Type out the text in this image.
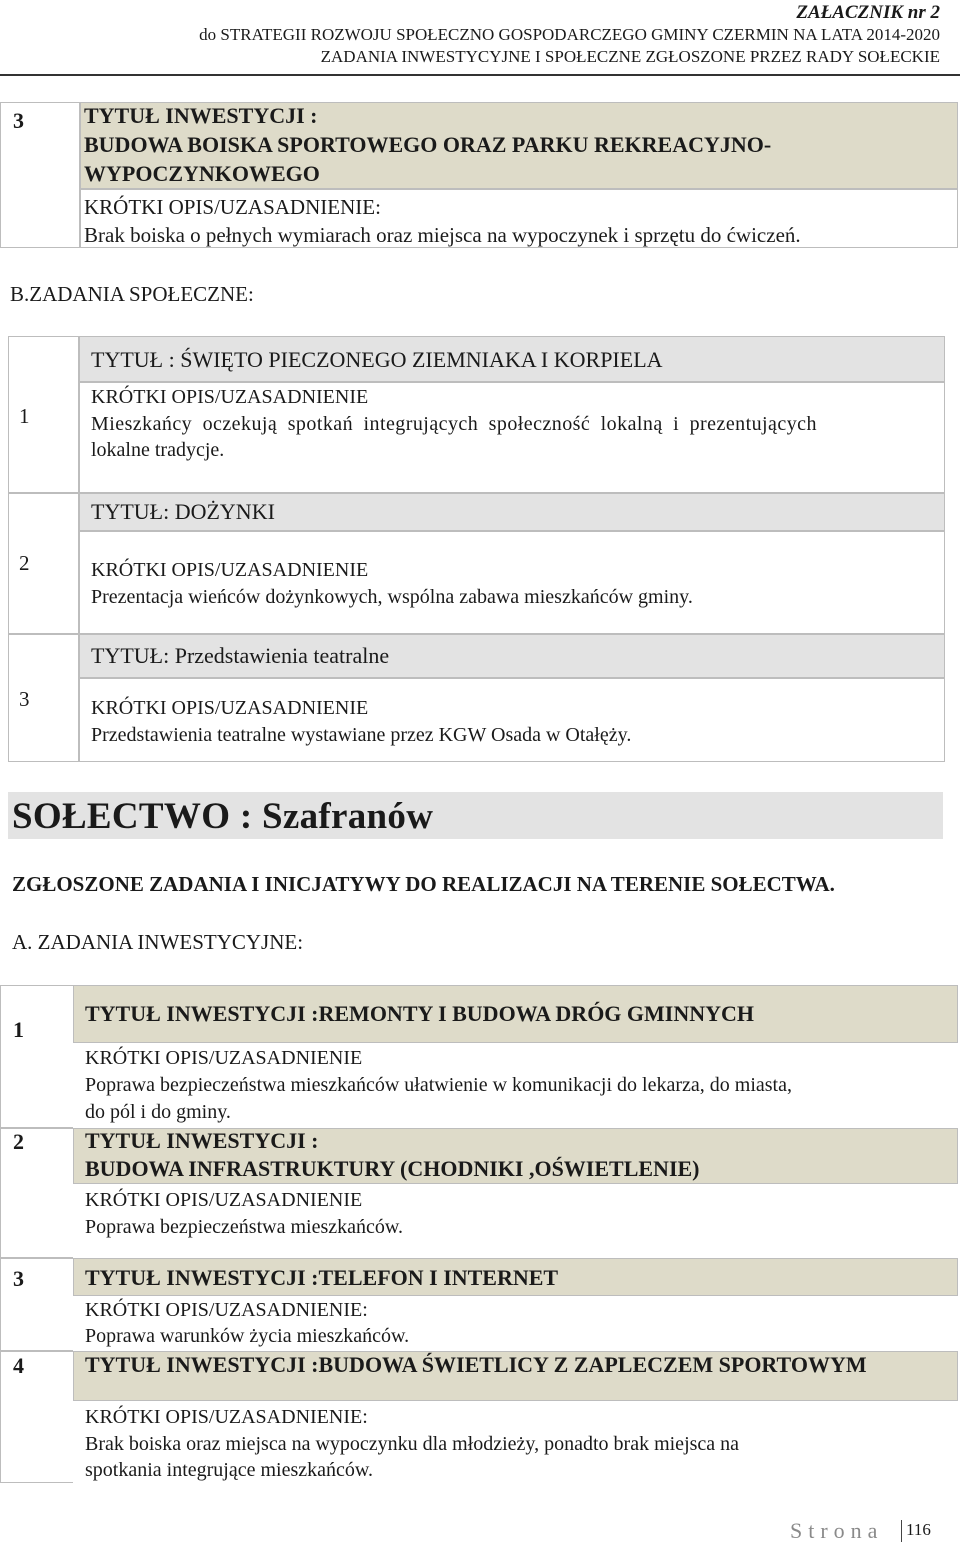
ZAŁACZNIK nr 2
do STRATEGII ROZWOJU SPOŁECZNO GOSPODARCZEGO GMINY CZERMIN NA LATA 2014-2020
ZADANIA INWESTYCYJNE I SPOŁECZNE ZGŁOSZONE PRZEZ RADY SOŁECKIE
3	TYTUŁ INWESTYCJI :
BUDOWA BOISKA SPORTOWEGO ORAZ PARKU REKREACYJNO-
WYPOCZYNKOWEGO
KRÓTKI OPIS/UZASADNIENIE:
Brak boiska o pełnych wymiarach oraz miejsca na wypoczynek i sprzętu do ćwiczeń.
B.ZADANIA SPOŁECZNE:
1
TYTUŁ : ŚWIĘTO PIECZONEGO ZIEMNIAKA I KORPIELA
KRÓTKI OPIS/UZASADNIENIE
Mieszkańcy oczekują spotkań integrujących społeczność lokalną i prezentujących
lokalne tradycje.
2
TYTUŁ: DOŻYNKI
KRÓTKI OPIS/UZASADNIENIE
Prezentacja wieńców dożynkowych, wspólna zabawa mieszkańców gminy.
3
TYTUŁ: Przedstawienia teatralne
KRÓTKI OPIS/UZASADNIENIE
Przedstawienia teatralne wystawiane przez KGW Osada w Otałęży.
SOŁECTWO : Szafranów
ZGŁOSZONE ZADANIA I INICJATYWY DO REALIZACJI NA TERENIE SOŁECTWA.
A. ZADANIA INWESTYCYJNE:
1
TYTUŁ INWESTYCJI :REMONTY I BUDOWA DRÓG GMINNYCH
KRÓTKI OPIS/UZASADNIENIE
Poprawa bezpieczeństwa mieszkańców ułatwienie w komunikacji do lekarza, do miasta,
do pól i do gminy.
2	TYTUŁ INWESTYCJI :
BUDOWA INFRASTRUKTURY (CHODNIKI ,OŚWIETLENIE)
KRÓTKI OPIS/UZASADNIENIE
Poprawa bezpieczeństwa mieszkańców.
3	TYTUŁ INWESTYCJI :TELEFON I INTERNET
KRÓTKI OPIS/UZASADNIENIE:
Poprawa warunków życia mieszkańców.
4	TYTUŁ INWESTYCJI :BUDOWA ŚWIETLICY Z ZAPLECZEM SPORTOWYM
KRÓTKI OPIS/UZASADNIENIE:
Brak boiska oraz miejsca na wypoczynku dla młodzieży, ponadto brak miejsca na
spotkania integrujące mieszkańców.
Strona 116
